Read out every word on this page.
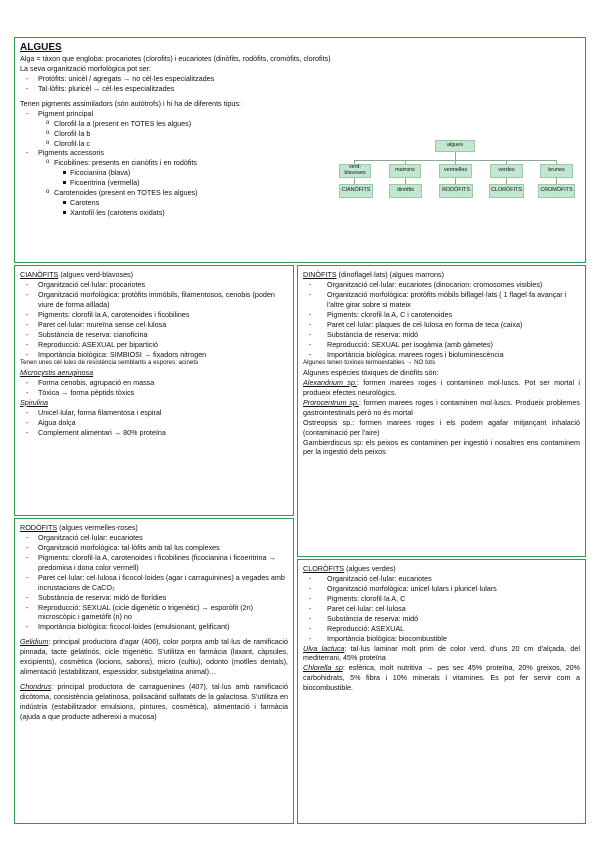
ALGUES
Alga = tàxon que engloba: procariotes (clorofits) i eucariotes (dinòfits, rodòfits, cromòfits, clorofits)
La seva organització morfològica pot ser:
- Protòfits: unicèl / agregats → no cèl·les especialitzades
- Tal·lòfits: pluricèl → cèl·les especialitzades
Tenen pigments assimiladors (són autòtrofs) i hi ha de diferents tipus:
- Pigment principal
o Clorofil·la a (present en TOTES les algues)
o Clorofil·la b
o Clorofil·la c
- Pigments accessoris
o Ficobilines: presents en cianòfits i en rodòfits
Ficocianina (blava)
Ficoeritrina (vermella)
o Carotenoides (present en TOTES les algues)
Carotens
Xantofil·les (carotens oxidats)
algues
verd-blavoses	marrons	vermelles	verdes	brunes
CIANÒFITS	dinòfits	RODÒFITS	CLORÒFITS	CROMÒFITS
CIANÒFITS (algues verd-blavoses)
- Organització cel·lular: procariotes
- Organització morfològica: protòfits immòbils, filamentosos, cenobis (poden viure de forma aïllada)
- Pigments: clorofil·la A, carotenoides i ficobilines
- Paret cel·lular: mureïna sense cel·lulosa
- Substància de reserva: cianoficina
- Reproducció: ASEXUAL per bipartició
- Importància biològica: SIMBIOSI → fixadors nitrogen
Tenen unes cèl·lules de resistència semblants a espores: acinets
Microcystis aeruginosa
- Forma cenobis, agrupació en massa
- Tòxica → forma pèptids tòxics
Spirulina
- Unicel·lular, forma filamentosa i espiral
- Aigua dolça
- Complement alimentari → 80% proteïna
DINÒFITS (dinoflagel·lats) (algues marrons)
- Organització cel·lular: eucariotes (dinocarion: cromosomes visibles)
- Organització morfològica: protòfits mòbils biflagel·lats ( 1 flagel·fa avançar i l'altre girar sobre si mateix
- Pigments: clorofil·la A, C i carotenoides
- Paret cel·lular: plaques de cel·lulosa en forma de teca (caixa)
- Substància de reserva: midó
- Reproducció: SEXUAL per isogàmia (amb gàmetes)
- Importància biològica: marees roges i bioluminescència
Algunes tenen toxines termoestables → NO tots
Algunes espècies tòxiques de dinòfits són:
Alexandrium sp.: formen marees roges i contaminen mol·luscs. Pot ser mortal i produeix efectes neurològics.
Prorocentrum sp.: formen marees roges i contaminen mol·luscs. Produeix problemes gastrointestinals però no és mortal
Ostreopsis sp.: formen marees roges i els podem agafar mitjançant inhalació (contaminació per l'aire)
Gambierdiscus sp: els peixos es contaminen per ingestió i nosaltres ens contaminem per la ingestió dels peixos
RODÒFITS (algues vermelles-roses)
- Organització cel·lular: eucariotes
- Organització morfològica: tal·lòfits amb tal·lus complexes
- Pigments: clorofil·la A, carotenoides i ficobilines (ficocianina i ficoeritrina → predomina i dona color vermell)
- Paret cel·lular: cel·lulosa i ficocol·loides (agar i carraguinines) a vegades amb incrustacions de CaCO₃
- Substància de reserva: midó de florídies
- Reproducció: SEXUAL (cicle digenètic o trigenètic) → esporòfit (2n) microscòpic i gametòfit (n) no
- Importància biològica: ficocol·loides (emulsionant, gelificant)
Gelidium: principal productora d'agar (406), color porpra amb tal·lus de ramificació pinnada, tacte gelatinós, cicle trigenètic. S'utilitza en farmàcia (laxant, càpsules, excipients), cosmètica (locions, sabons), micro (cultiu), odonto (motlles dentals), alimentació (estabilitzant, espessidor, substgelatina animal)…
Chondrus: principal productora de carraguenines (407), tal·lus amb ramificació dicòtoma, consistència gelatinosa, polisacàrid sulfatats de la galactosa. S'utilitza en indústria (estabilitzador emulsions, pintures, cosmètica), alimentació i farmàcia (ajuda a que producte adhereixi a mucosa)
CLORÒFITS (algues verdes)
- Organització cel·lular: eucariotes
- Organització morfològica: unicel·lulars i pluricel·lulars
- Pigments: clorofil·la A, C
- Paret cel·lular: cel·lulosa
- Substància de reserva: midó
- Reproducció: ASEXUAL
- Importància biològica: biocombustible
Ulva lactuca: tal·lus laminar molt prim de color verd, d'uns 20 cm d'alçada, del mediterrani, 45% proteïna
Chlorella sp: esfèrica, molt nutritiva → pes sec 45% proteïna, 20% greixos, 20% carbohidrats, 5% fibra i 10% minerals i vitamines. Es pot fer servir com a biocombustible.
